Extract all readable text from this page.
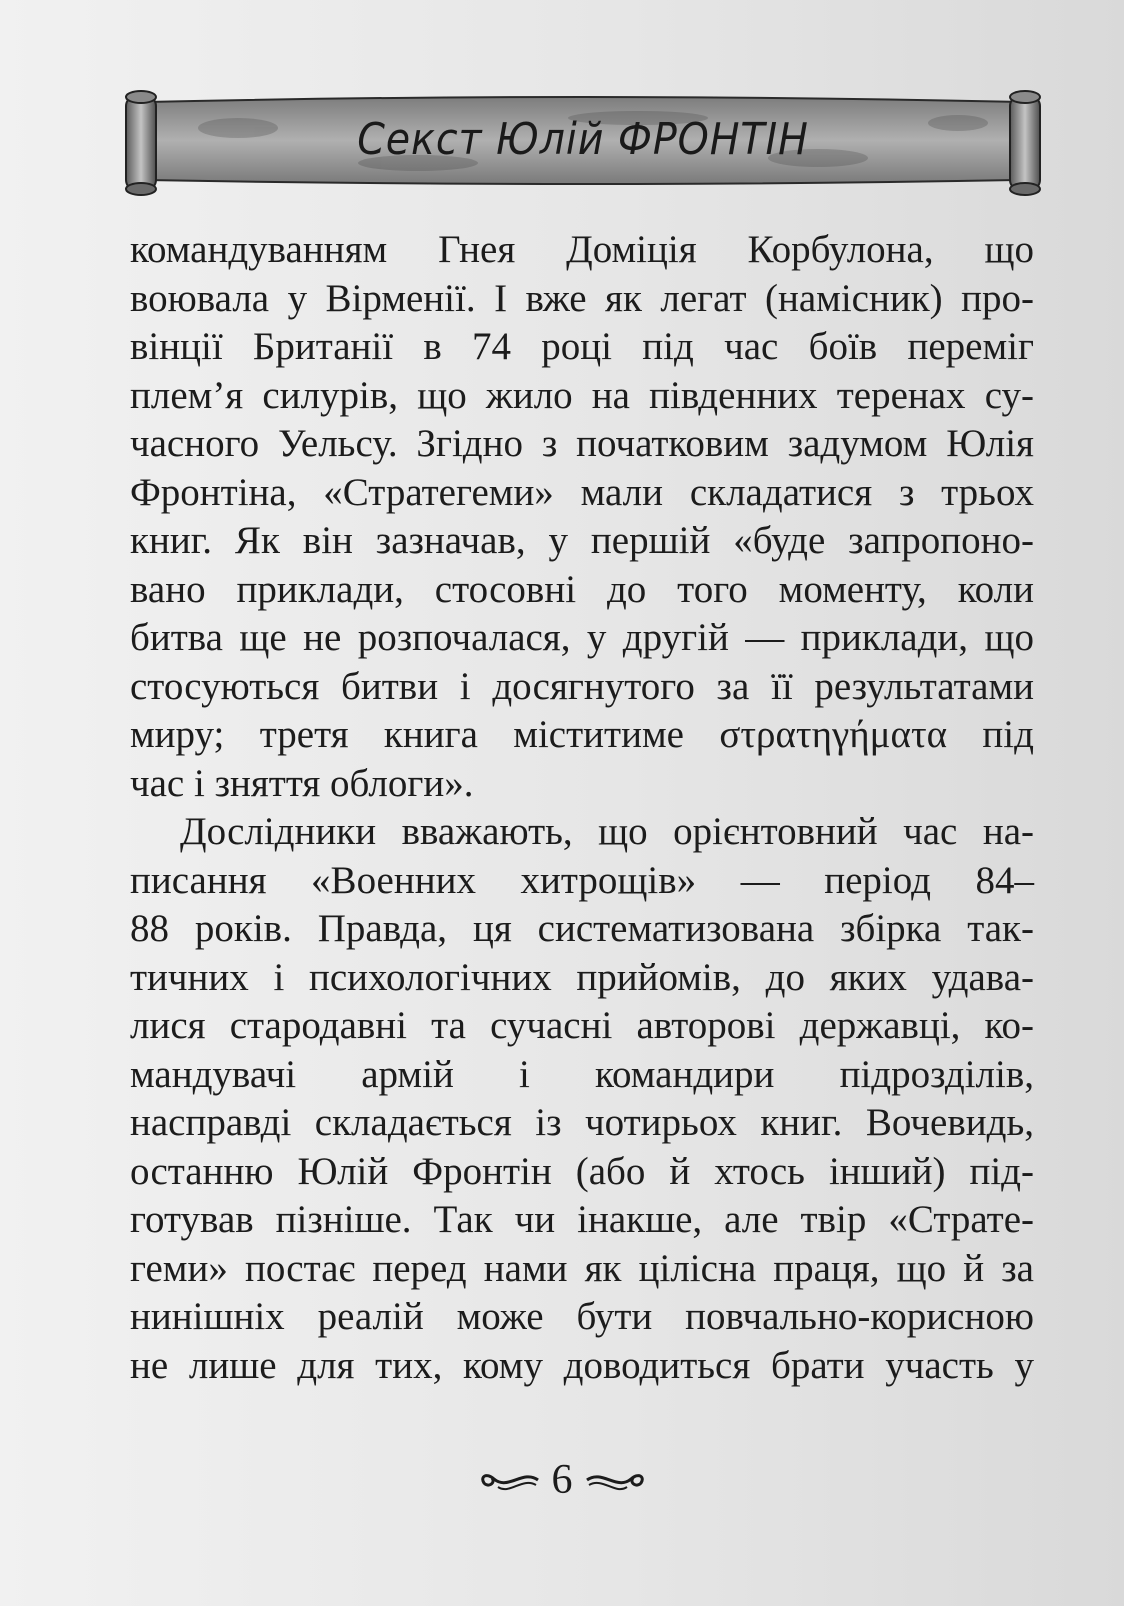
Секст Юлій ФРОНТІН
командуванням Гнея Доміція Корбулона, що
воювала у Вірменії. І вже як легат (намісник) про-
вінції Британії в 74 році під час боїв переміг
плем’я силурів, що жило на південних теренах су-
часного Уельсу. Згідно з початковим задумом Юлія
Фронтіна, «Стратегеми» мали складатися з трьох
книг. Як він зазначав, у першій «буде запропоно-
вано приклади, стосовні до того моменту, коли
битва ще не розпочалася, у другій — приклади, що
стосуються битви і досягнутого за її результатами
миру; третя книга міститиме στρατηγήματα під
час і зняття облоги».
Дослідники вважають, що орієнтовний час на-
писання «Военних хитрощів» — період 84–
88 років. Правда, ця систематизована збірка так-
тичних і психологічних прийомів, до яких удава-
лися стародавні та сучасні авторові державці, ко-
мандувачі армій і командири підрозділів,
насправді складається із чотирьох книг. Вочевидь,
останню Юлій Фронтін (або й хтось інший) під-
готував пізніше. Так чи інакше, але твір «Страте-
геми» постає перед нами як цілісна праця, що й за
нинішніх реалій може бути повчально-корисною
не лише для тих, кому доводиться брати участь у
6
